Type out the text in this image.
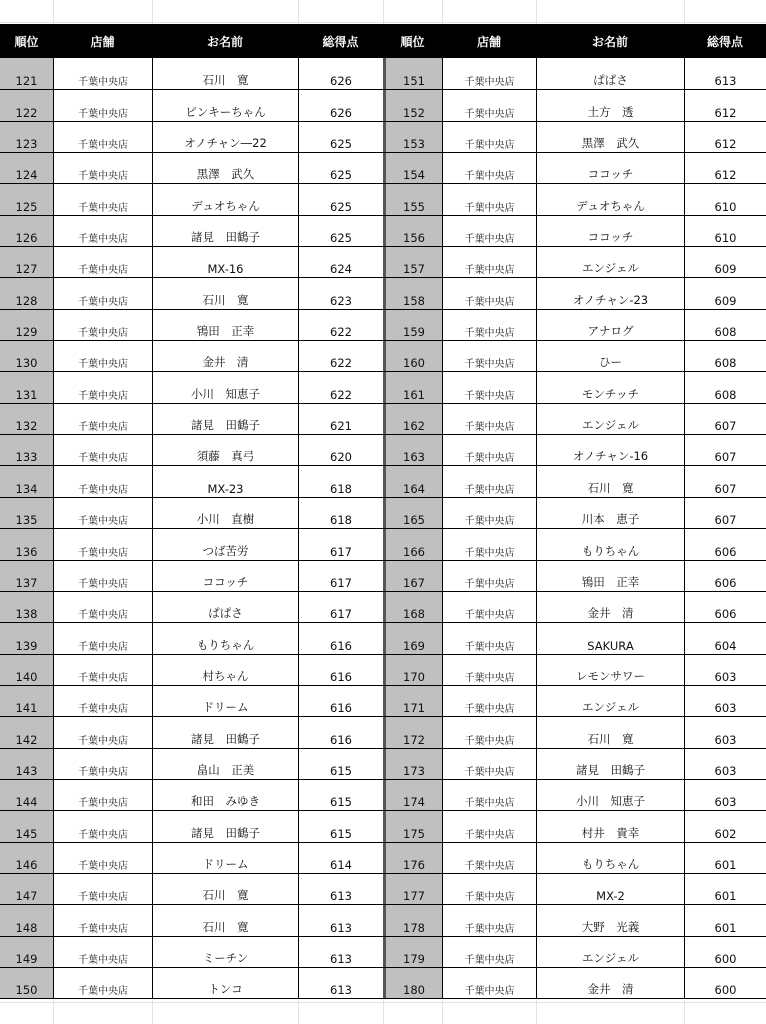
順位	店舗	お名前	総得点	順位	店舗	お名前	総得点
121	千葉中央店	石川　寛	626	151	千葉中央店	ぱぱさ	613
122	千葉中央店	ピンキーちゃん	626	152	千葉中央店	土方　透	612
123	千葉中央店	オノチャン―22	625	153	千葉中央店	黒澤　武久	612
124	千葉中央店	黒澤　武久	625	154	千葉中央店	ココッチ	612
125	千葉中央店	デュオちゃん	625	155	千葉中央店	デュオちゃん	610
126	千葉中央店	諸見　田鶴子	625	156	千葉中央店	ココッチ	610
127	千葉中央店	MX-16	624	157	千葉中央店	エンジェル	609
128	千葉中央店	石川　寛	623	158	千葉中央店	オノチャン-23	609
129	千葉中央店	鴇田　正幸	622	159	千葉中央店	アナログ	608
130	千葉中央店	金井　清	622	160	千葉中央店	ひー	608
131	千葉中央店	小川　知恵子	622	161	千葉中央店	モンチッチ	608
132	千葉中央店	諸見　田鶴子	621	162	千葉中央店	エンジェル	607
133	千葉中央店	須藤　真弓	620	163	千葉中央店	オノチャン-16	607
134	千葉中央店	MX-23	618	164	千葉中央店	石川　寛	607
135	千葉中央店	小川　直樹	618	165	千葉中央店	川本　恵子	607
136	千葉中央店	つば苦労	617	166	千葉中央店	もりちゃん	606
137	千葉中央店	ココッチ	617	167	千葉中央店	鴇田　正幸	606
138	千葉中央店	ぱぱさ	617	168	千葉中央店	金井　清	606
139	千葉中央店	もりちゃん	616	169	千葉中央店	SAKURA	604
140	千葉中央店	村ちゃん	616	170	千葉中央店	レモンサワー	603
141	千葉中央店	ドリーム	616	171	千葉中央店	エンジェル	603
142	千葉中央店	諸見　田鶴子	616	172	千葉中央店	石川　寛	603
143	千葉中央店	畠山　正美	615	173	千葉中央店	諸見　田鶴子	603
144	千葉中央店	和田　みゆき	615	174	千葉中央店	小川　知恵子	603
145	千葉中央店	諸見　田鶴子	615	175	千葉中央店	村井　貴幸	602
146	千葉中央店	ドリーム	614	176	千葉中央店	もりちゃん	601
147	千葉中央店	石川　寛	613	177	千葉中央店	MX-2	601
148	千葉中央店	石川　寛	613	178	千葉中央店	大野　光義	601
149	千葉中央店	ミーチン	613	179	千葉中央店	エンジェル	600
150	千葉中央店	トンコ	613	180	千葉中央店	金井　清	600
